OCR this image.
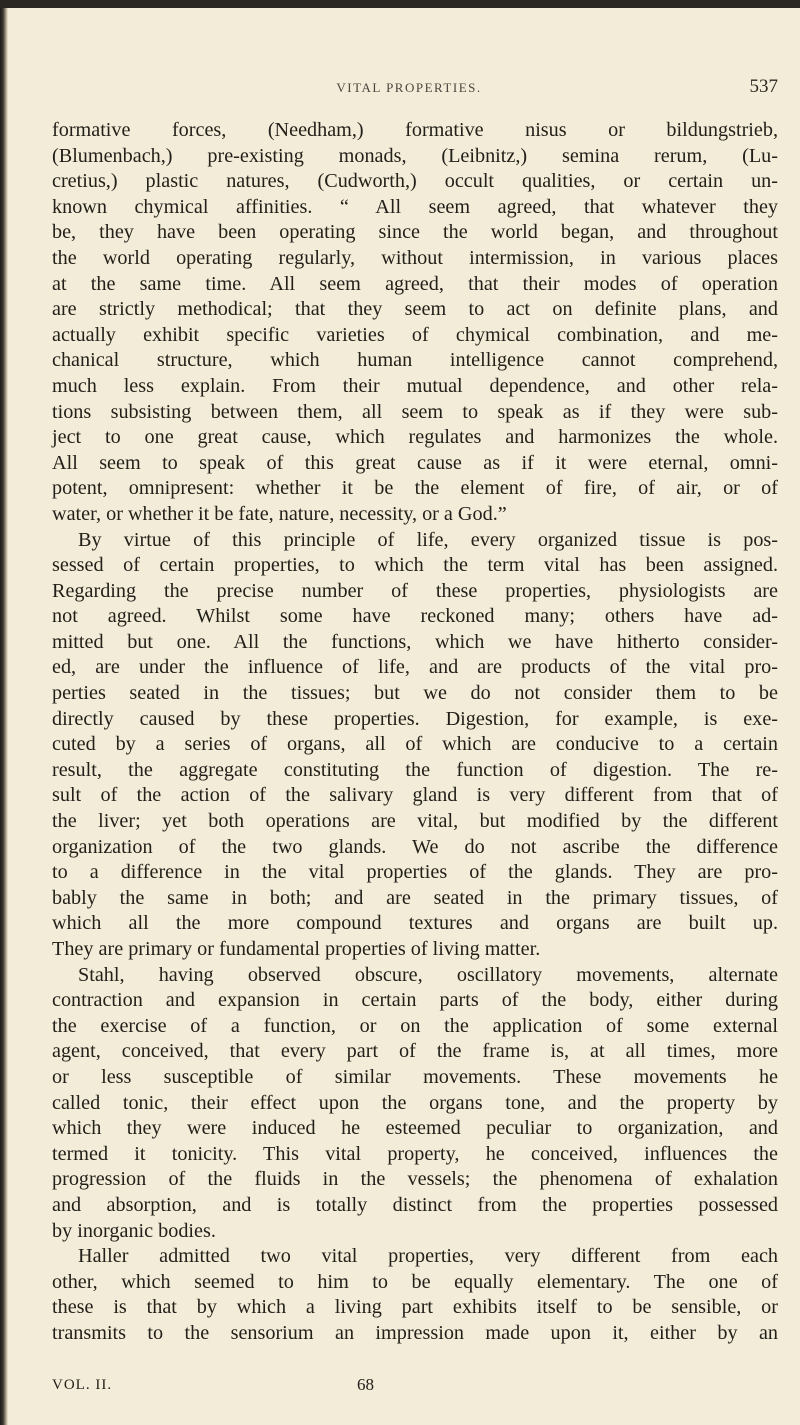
VITAL PROPERTIES.	537
formative forces, (Needham,) formative nisus or bildungstrieb,
(Blumenbach,) pre-existing monads, (Leibnitz,) semina rerum, (Lu-
cretius,) plastic natures, (Cudworth,) occult qualities, or certain un-
known chymical affinities. “ All seem agreed, that whatever they
be, they have been operating since the world began, and throughout
the world operating regularly, without intermission, in various places
at the same time. All seem agreed, that their modes of operation
are strictly methodical; that they seem to act on definite plans, and
actually exhibit specific varieties of chymical combination, and me-
chanical structure, which human intelligence cannot comprehend,
much less explain. From their mutual dependence, and other rela-
tions subsisting between them, all seem to speak as if they were sub-
ject to one great cause, which regulates and harmonizes the whole.
All seem to speak of this great cause as if it were eternal, omni-
potent, omnipresent: whether it be the element of fire, of air, or of
water, or whether it be fate, nature, necessity, or a God.”
By virtue of this principle of life, every organized tissue is pos-
sessed of certain properties, to which the term vital has been assigned.
Regarding the precise number of these properties, physiologists are
not agreed. Whilst some have reckoned many; others have ad-
mitted but one. All the functions, which we have hitherto consider-
ed, are under the influence of life, and are products of the vital pro-
perties seated in the tissues; but we do not consider them to be
directly caused by these properties. Digestion, for example, is exe-
cuted by a series of organs, all of which are conducive to a certain
result, the aggregate constituting the function of digestion. The re-
sult of the action of the salivary gland is very different from that of
the liver; yet both operations are vital, but modified by the different
organization of the two glands. We do not ascribe the difference
to a difference in the vital properties of the glands. They are pro-
bably the same in both; and are seated in the primary tissues, of
which all the more compound textures and organs are built up.
They are primary or fundamental properties of living matter.
Stahl, having observed obscure, oscillatory movements, alternate
contraction and expansion in certain parts of the body, either during
the exercise of a function, or on the application of some external
agent, conceived, that every part of the frame is, at all times, more
or less susceptible of similar movements. These movements he
called tonic, their effect upon the organs tone, and the property by
which they were induced he esteemed peculiar to organization, and
termed it tonicity. This vital property, he conceived, influences the
progression of the fluids in the vessels; the phenomena of exhalation
and absorption, and is totally distinct from the properties possessed
by inorganic bodies.
Haller admitted two vital properties, very different from each
other, which seemed to him to be equally elementary. The one of
these is that by which a living part exhibits itself to be sensible, or
transmits to the sensorium an impression made upon it, either by an
VOL. II.	68
